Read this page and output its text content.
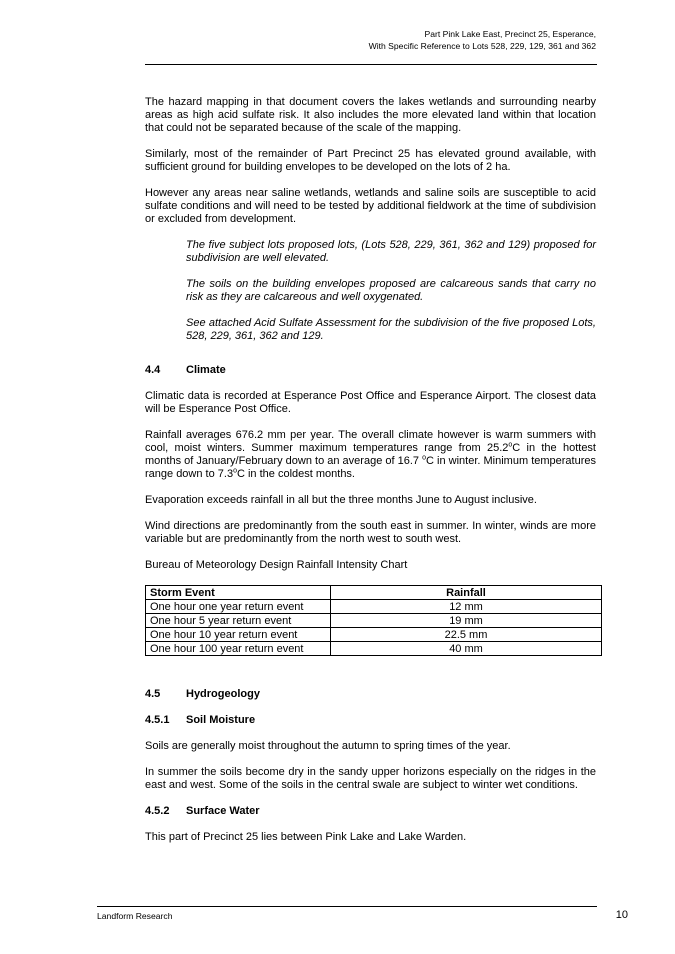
Part Pink Lake East, Precinct 25, Esperance,
With Specific Reference to Lots 528, 229, 129, 361 and 362

The hazard mapping in that document covers the lakes wetlands and surrounding nearby areas as high acid sulfate risk. It also includes the more elevated land within that location that could not be separated because of the scale of the mapping.

Similarly, most of the remainder of Part Precinct 25 has elevated ground available, with sufficient ground for building envelopes to be developed on the lots of 2 ha.

However any areas near saline wetlands, wetlands and saline soils are susceptible to acid sulfate conditions and will need to be tested by additional fieldwork at the time of subdivision or excluded from development.

The five subject lots proposed lots, (Lots 528, 229, 361, 362 and 129) proposed for subdivision are well elevated.

The soils on the building envelopes proposed are calcareous sands that carry no risk as they are calcareous and well oxygenated.

See attached Acid Sulfate Assessment for the subdivision of the five proposed Lots, 528, 229, 361, 362 and 129.

4.4	Climate

Climatic data is recorded at Esperance Post Office and Esperance Airport. The closest data will be Esperance Post Office.

Rainfall averages 676.2 mm per year. The overall climate however is warm summers with cool, moist winters. Summer maximum temperatures range from 25.2$^o$C in the hottest months of January/February down to an average of 16.7 $^o$C in winter. Minimum temperatures range down to 7.3$^o$C in the coldest months.

Evaporation exceeds rainfall in all but the three months June to August inclusive.

Wind directions are predominantly from the south east in summer. In winter, winds are more variable but are predominantly from the north west to south west.

Bureau of Meteorology Design Rainfall Intensity Chart

Storm Event	Rainfall
One hour one year return event	12 mm
One hour 5 year return event	19 mm
One hour 10 year return event	22.5 mm
One hour 100 year return event	40 mm
4.5	Hydrogeology
4.5.1	Soil Moisture

Soils are generally moist throughout the autumn to spring times of the year.

In summer the soils become dry in the sandy upper horizons especially on the ridges in the east and west. Some of the soils in the central swale are subject to winter wet conditions.

4.5.2	Surface Water

This part of Precinct 25 lies between Pink Lake and Lake Warden.

Landform Research	10
